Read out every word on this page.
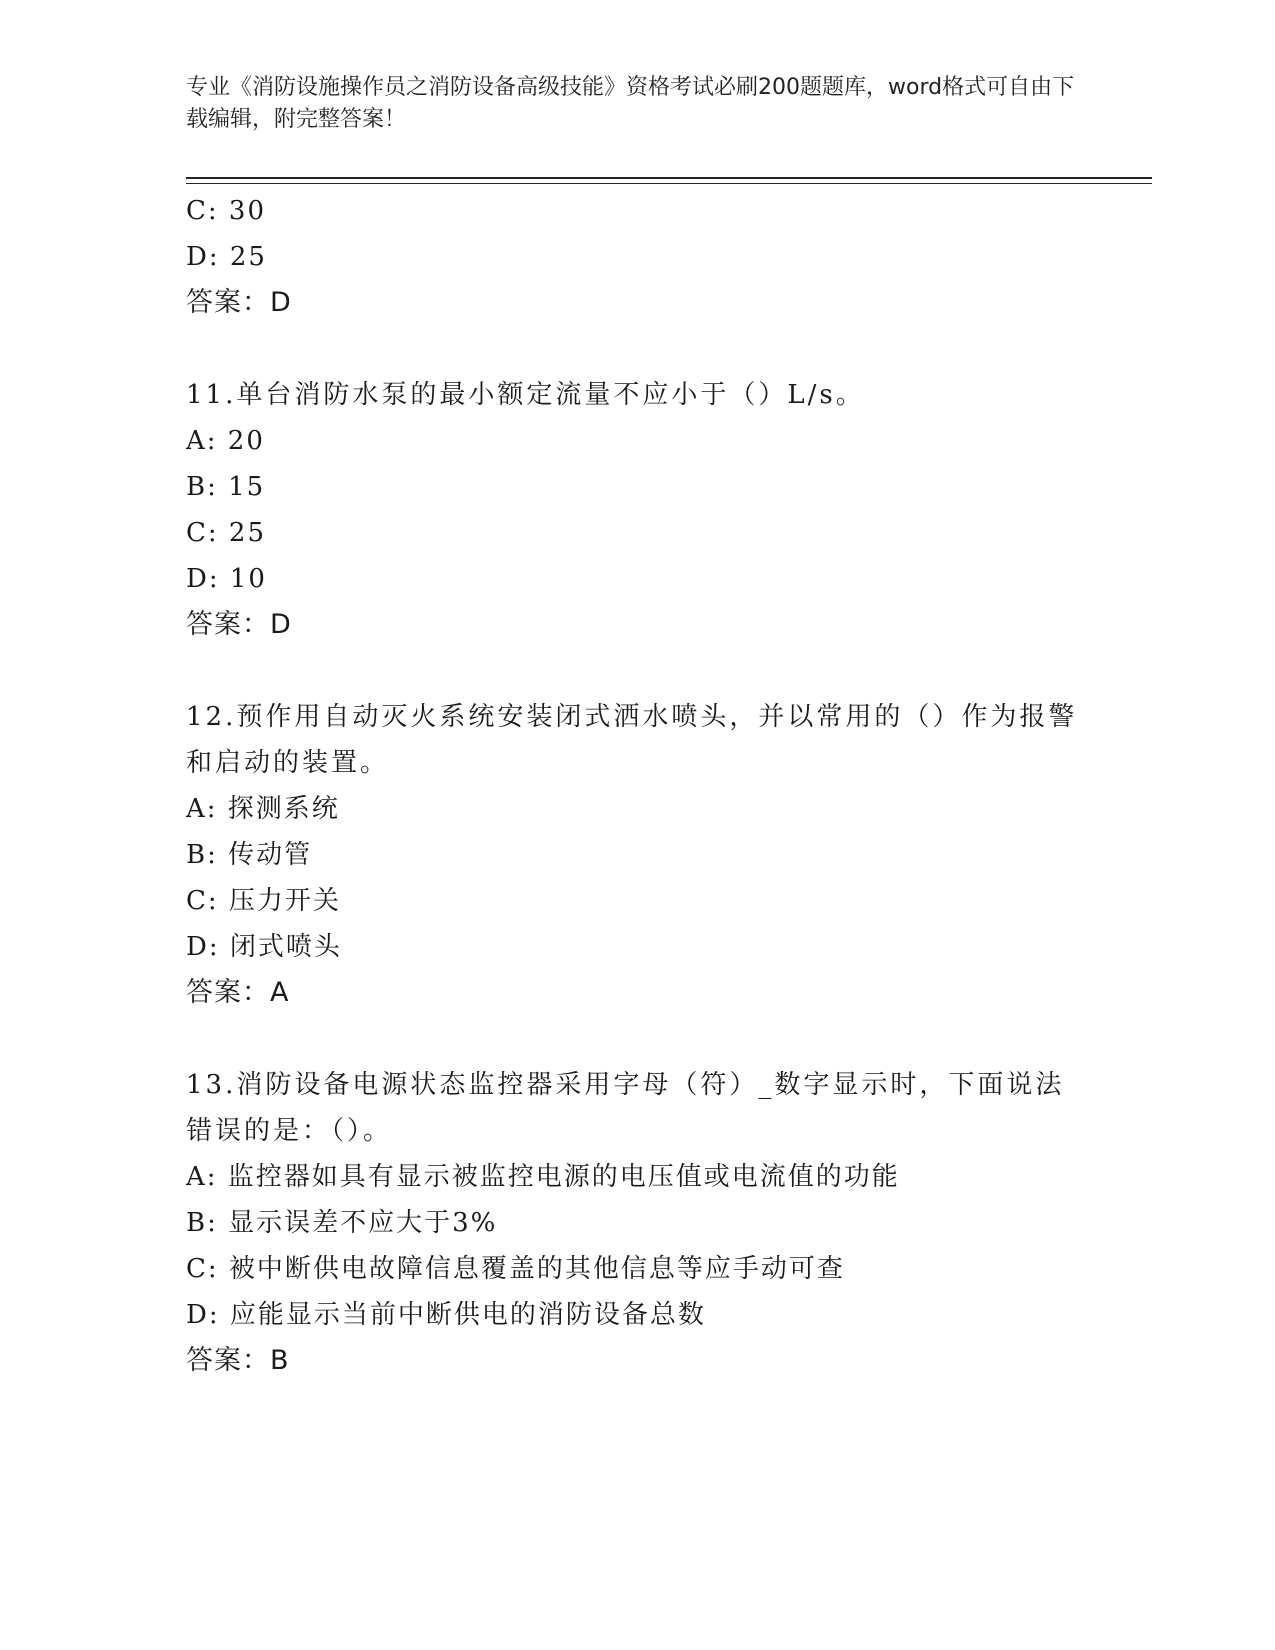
专业《消防设施操作员之消防设备高级技能》资格考试必刷200题题库，word格式可自由下载编辑，附完整答案！
C: 30
D: 25
答案：D
11.单台消防水泵的最小额定流量不应小于（）L/s。
A: 20
B: 15
C: 25
D: 10
答案：D
12.预作用自动灭火系统安装闭式洒水喷头，并以常用的（）作为报警和启动的装置。
A: 探测系统
B: 传动管
C: 压力开关
D: 闭式喷头
答案：A
13.消防设备电源状态监控器采用字母（符）_数字显示时，下面说法错误的是：（）。
A: 监控器如具有显示被监控电源的电压值或电流值的功能
B: 显示误差不应大于3%
C: 被中断供电故障信息覆盖的其他信息等应手动可查
D: 应能显示当前中断供电的消防设备总数
答案：B
